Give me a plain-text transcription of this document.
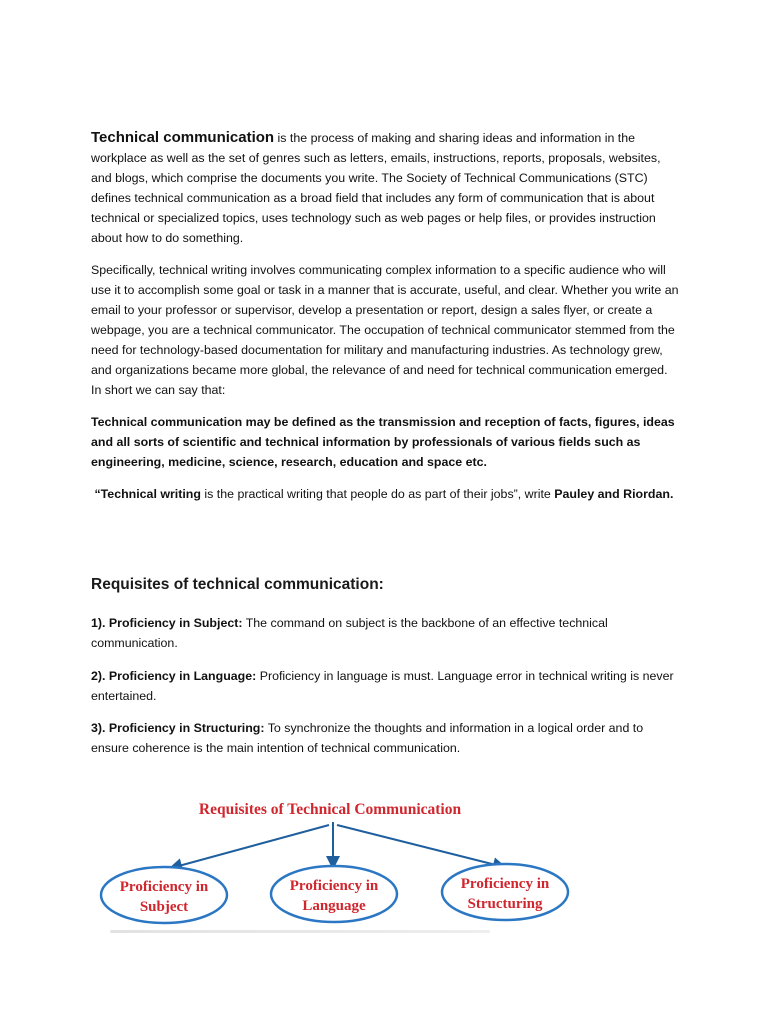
Technical communication is the process of making and sharing ideas and information in the workplace as well as the set of genres such as letters, emails, instructions, reports, proposals, websites, and blogs, which comprise the documents you write. The Society of Technical Communications (STC) defines technical communication as a broad field that includes any form of communication that is about technical or specialized topics, uses technology such as web pages or help files, or provides instruction about how to do something.

Specifically, technical writing involves communicating complex information to a specific audience who will use it to accomplish some goal or task in a manner that is accurate, useful, and clear. Whether you write an email to your professor or supervisor, develop a presentation or report, design a sales flyer, or create a webpage, you are a technical communicator. The occupation of technical communicator stemmed from the need for technology-based documentation for military and manufacturing industries. As technology grew, and organizations became more global, the relevance of and need for technical communication emerged. In short we can say that:

Technical communication may be defined as the transmission and reception of facts, figures, ideas and all sorts of scientific and technical information by professionals of various fields such as engineering, medicine, science, research, education and space etc.

“Technical writing is the practical writing that people do as part of their jobs”, write Pauley and Riordan.

Requisites of technical communication:

1). Proficiency in Subject: The command on subject is the backbone of an effective technical communication.

2). Proficiency in Language: Proficiency in language is must. Language error in technical writing is never entertained.

3). Proficiency in Structuring: To synchronize the thoughts and information in a logical order and to ensure coherence is the main intention of technical communication.

Requisites of Technical Communication
Proficiency in
Subject
Proficiency in
Language
Proficiency in
Structuring
